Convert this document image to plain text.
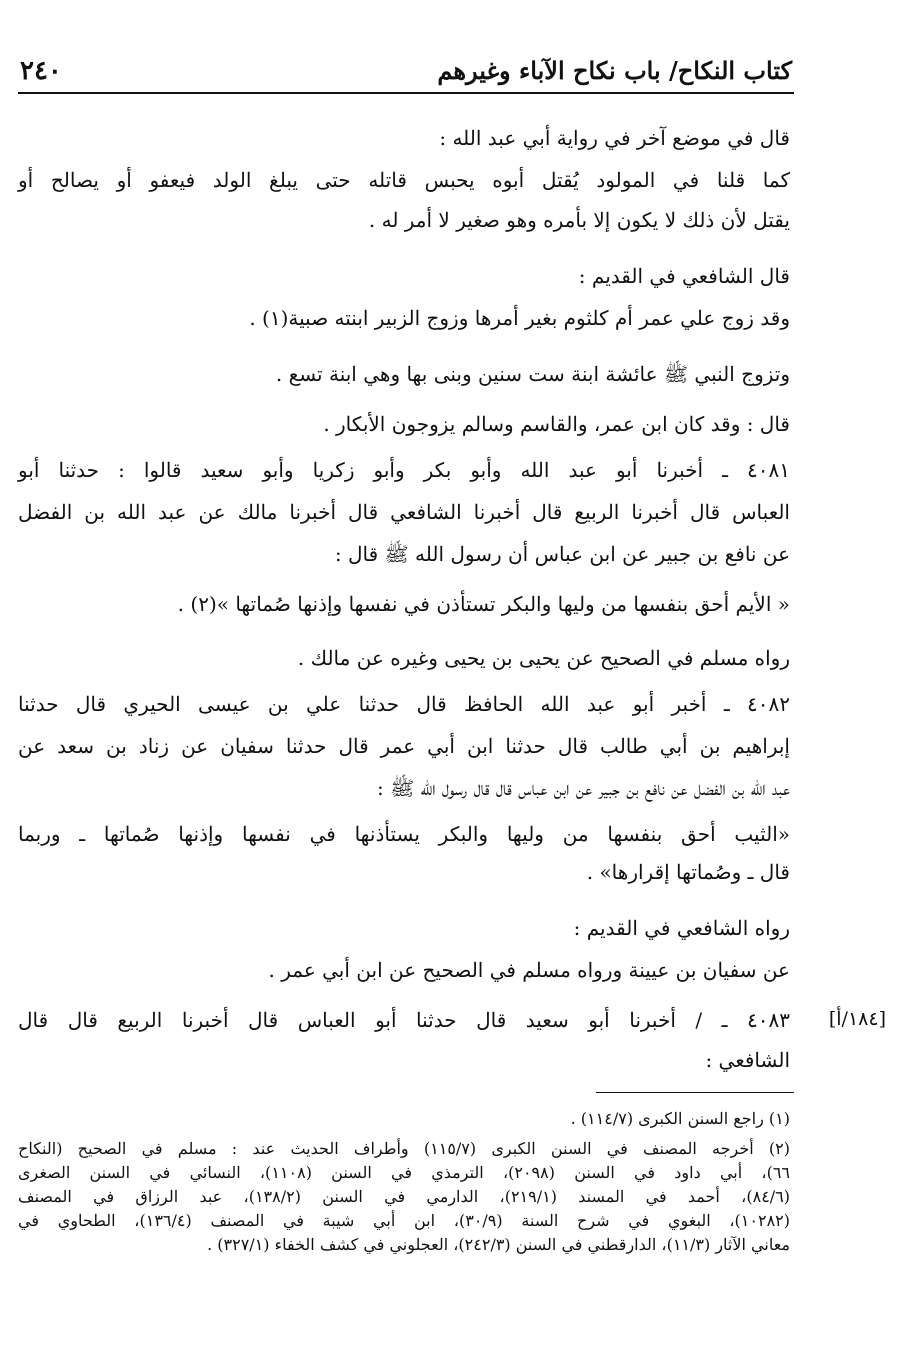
كتاب النكاح/ باب نكاح الآباء وغيرهم
٢٤٠
قال في موضع آخر في رواية أبي عبد الله :
كما قلنا في المولود يُقتل أبوه يحبس قاتله حتى يبلغ الولد فيعفو أو يصالح أو
يقتل لأن ذلك لا يكون إلا بأمره وهو صغير لا أمر له .
قال الشافعي في القديم :
وقد زوج علي عمر أم كلثوم بغير أمرها وزوج الزبير ابنته صبية(١) .
وتزوج النبي ﷺ عائشة ابنة ست سنين وبنى بها وهي ابنة تسع .
قال : وقد كان ابن عمر، والقاسم وسالم يزوجون الأبكار .
٤٠٨١ ـ أخبرنا أبو عبد الله وأبو بكر وأبو زكريا وأبو سعيد قالوا : حدثنا أبو
العباس قال أخبرنا الربيع قال أخبرنا الشافعي قال أخبرنا مالك عن عبد الله بن الفضل
عن نافع بن جبير عن ابن عباس أن رسول الله ﷺ قال :
« الأيم أحق بنفسها من وليها والبكر تستأذن في نفسها وإذنها صُماتها »(٢) .
رواه مسلم في الصحيح عن يحيى بن يحيى وغيره عن مالك .
٤٠٨٢ ـ أخبر أبو عبد الله الحافظ قال حدثنا علي بن عيسى الحيري قال حدثنا
إبراهيم بن أبي طالب قال حدثنا ابن أبي عمر قال حدثنا سفيان عن زناد بن سعد عن
عبد الله بن الفضل عن نافع بن جبير عن ابن عباس قال قال رسول الله ﷺ :
«الثيب أحق بنفسها من وليها والبكر يستأذنها في نفسها وإذنها صُماتها ـ وربما
قال ـ وصُماتها إقرارها» .
رواه الشافعي في القديم :
عن سفيان بن عيينة ورواه مسلم في الصحيح عن ابن أبي عمر .
٤٠٨٣ ـ / أخبرنا أبو سعيد قال حدثنا أبو العباس قال أخبرنا الربيع قال قال
الشافعي :
[١٨٤/أ]
(١) راجع السنن الكبرى (١١٤/٧) .
(٢) أخرجه المصنف في السنن الكبرى (١١٥/٧) وأطراف الحديث عند : مسلم في الصحيح (النكاح
٦٦)، أبي داود في السنن (٢٠٩٨)، الترمذي في السنن (١١٠٨)، النسائي في السنن الصغرى
(٨٤/٦)، أحمد في المسند (٢١٩/١)، الدارمي في السنن (١٣٨/٢)، عبد الرزاق في المصنف
(١٠٢٨٢)، البغوي في شرح السنة (٣٠/٩)، ابن أبي شيبة في المصنف (١٣٦/٤)، الطحاوي في
معاني الآثار (١١/٣)، الدارقطني في السنن (٢٤٢/٣)، العجلوني في كشف الخفاء (٣٢٧/١) .
